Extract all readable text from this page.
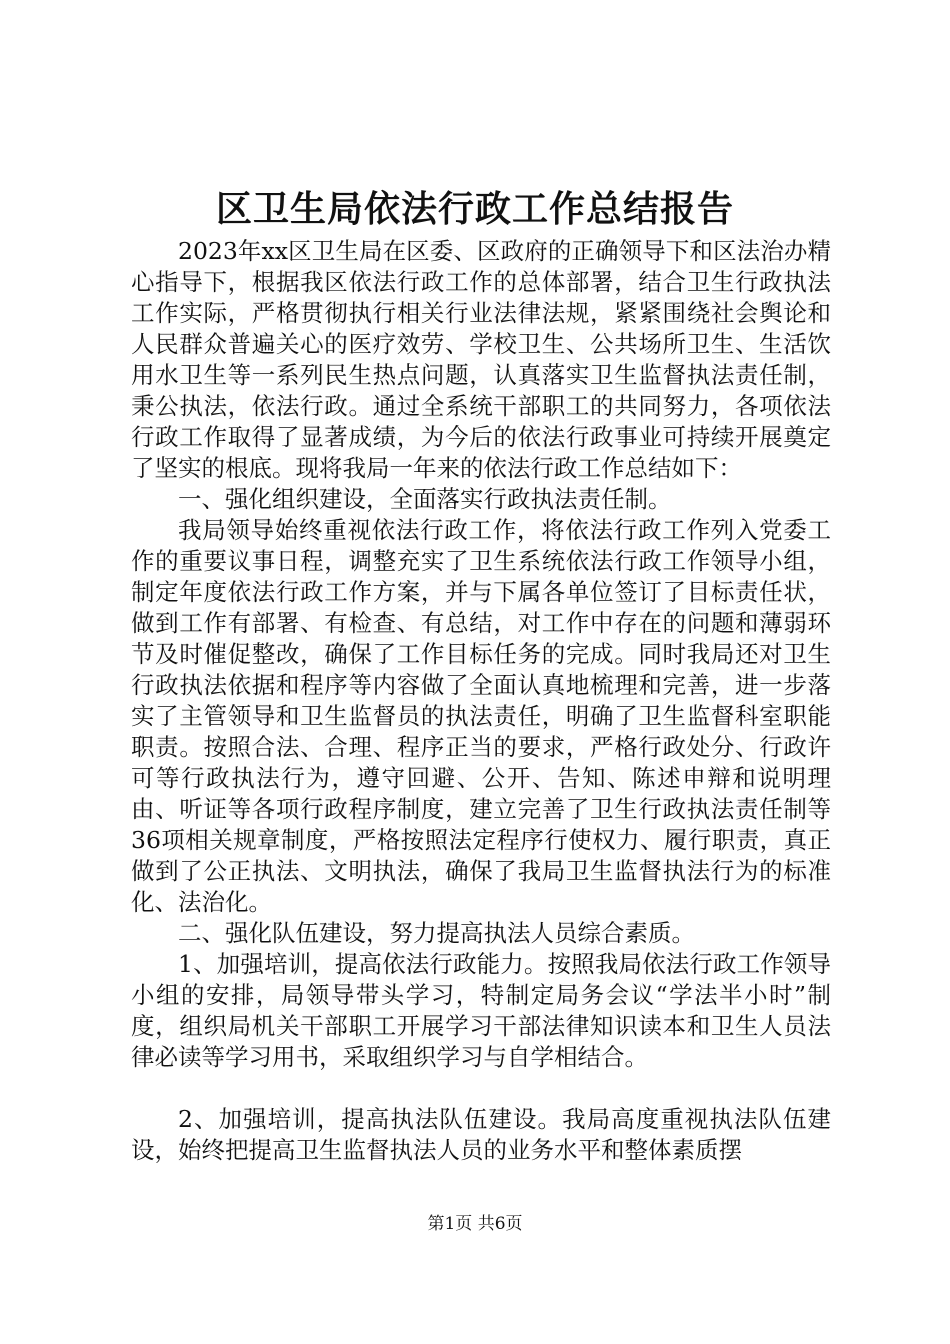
区卫生局依法行政工作总结报告

2023年xx区卫生局在区委、区政府的正确领导下和区法治办精心指导下，根据我区依法行政工作的总体部署，结合卫生行政执法工作实际，严格贯彻执行相关行业法律法规，紧紧围绕社会舆论和人民群众普遍关心的医疗效劳、学校卫生、公共场所卫生、生活饮用水卫生等一系列民生热点问题，认真落实卫生监督执法责任制，秉公执法，依法行政。通过全系统干部职工的共同努力，各项依法行政工作取得了显著成绩，为今后的依法行政事业可持续开展奠定了坚实的根底。现将我局一年来的依法行政工作总结如下：

一、强化组织建设，全面落实行政执法责任制。

我局领导始终重视依法行政工作，将依法行政工作列入党委工作的重要议事日程，调整充实了卫生系统依法行政工作领导小组，制定年度依法行政工作方案，并与下属各单位签订了目标责任状，做到工作有部署、有检查、有总结，对工作中存在的问题和薄弱环节及时催促整改，确保了工作目标任务的完成。同时我局还对卫生行政执法依据和程序等内容做了全面认真地梳理和完善，进一步落实了主管领导和卫生监督员的执法责任，明确了卫生监督科室职能职责。按照合法、合理、程序正当的要求，严格行政处分、行政许可等行政执法行为，遵守回避、公开、告知、陈述申辩和说明理由、听证等各项行政程序制度，建立完善了卫生行政执法责任制等36项相关规章制度，严格按照法定程序行使权力、履行职责，真正做到了公正执法、文明执法，确保了我局卫生监督执法行为的标准化、法治化。

二、强化队伍建设，努力提高执法人员综合素质。

1、加强培训，提高依法行政能力。按照我局依法行政工作领导小组的安排，局领导带头学习，特制定局务会议“学法半小时”制度，组织局机关干部职工开展学习干部法律知识读本和卫生人员法律必读等学习用书，采取组织学习与自学相结合。

2、加强培训，提高执法队伍建设。我局高度重视执法队伍建设，始终把提高卫生监督执法人员的业务水平和整体素质摆

第1页 共6页
